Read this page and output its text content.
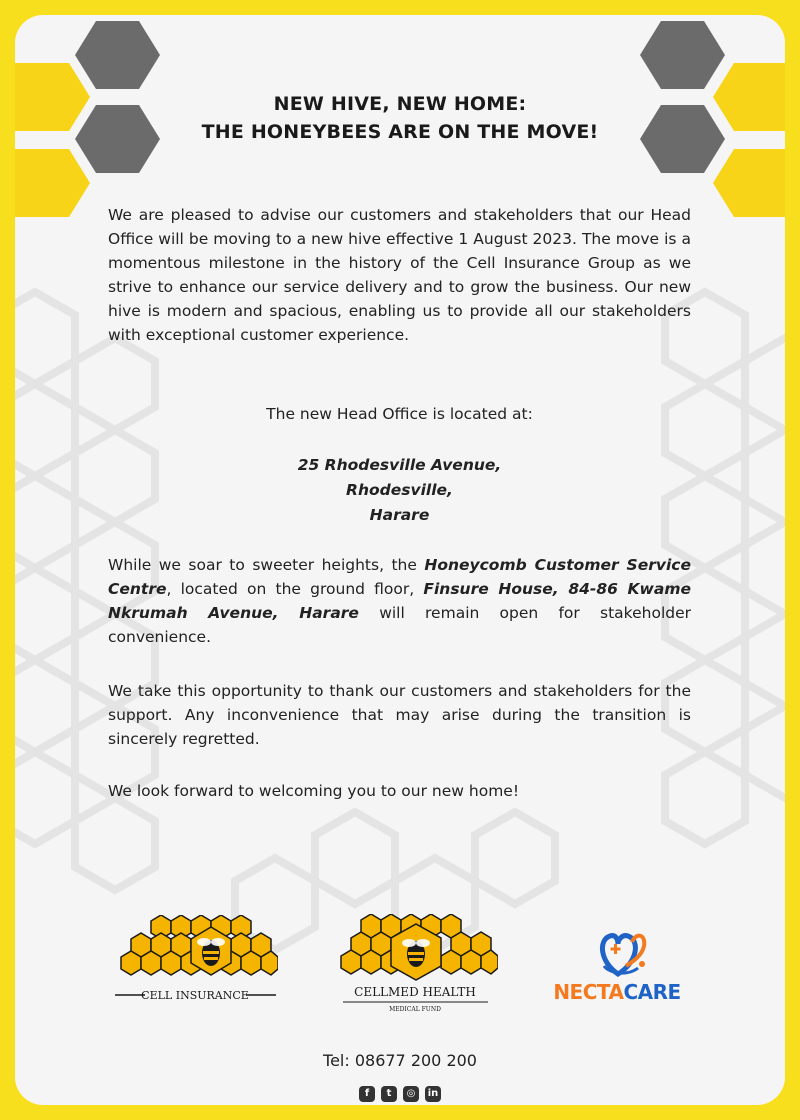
NEW HIVE, NEW HOME:
THE HONEYBEES ARE ON THE MOVE!
We are pleased to advise our customers and stakeholders that our Head Office will be moving to a new hive effective 1 August 2023. The move is a momentous milestone in the history of the Cell Insurance Group as we strive to enhance our service delivery and to grow the business. Our new hive is modern and spacious, enabling us to provide all our stakeholders with exceptional customer experience.
The new Head Office is located at:
25 Rhodesville Avenue,
Rhodesville,
Harare
While we soar to sweeter heights, the Honeycomb Customer Service Centre, located on the ground floor, Finsure House, 84-86 Kwame Nkrumah Avenue, Harare will remain open for stakeholder convenience.
We take this opportunity to thank our customers and stakeholders for the support. Any inconvenience that may arise during the transition is sincerely regretted.
We look forward to welcoming you to our new home!
CELL INSURANCE	CELLMED HEALTH
MEDICAL FUND
NECTACARE
Tel: 08677 200 200
f t ◎ in
